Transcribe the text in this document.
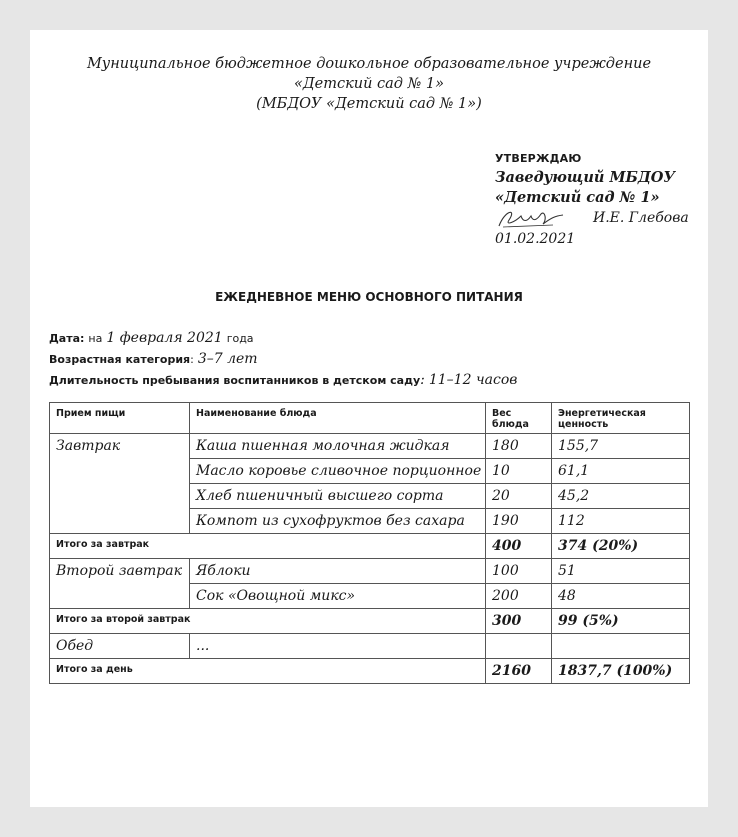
Муниципальное бюджетное дошкольное образовательное учреждение
«Детский сад № 1»
(МБДОУ «Детский сад № 1»)
УТВЕРЖДАЮ
Заведующий МБДОУ
«Детский сад № 1»
И.Е. Глебова
01.02.2021
ЕЖЕДНЕВНОЕ МЕНЮ ОСНОВНОГО ПИТАНИЯ
Дата: на 1 февраля 2021 года
Возрастная категория: 3–7 лет
Длительность пребывания воспитанников в детском саду: 11–12 часов
Прием пищи	Наименование блюда	Вес блюда	Энергетическая ценность
Завтрак	Каша пшенная молочная жидкая	180	155,7
	Масло коровье сливочное порционное	10	61,1
	Хлеб пшеничный высшего сорта	20	45,2
	Компот из сухофруктов без сахара	190	112
Итого за завтрак		400	374 (20%)
Второй завтрак	Яблоки	100	51
	Сок «Овощной микс»	200	48
Итого за второй завтрак		300	99 (5%)
Обед	...		
Итого за день		2160	1837,7 (100%)
